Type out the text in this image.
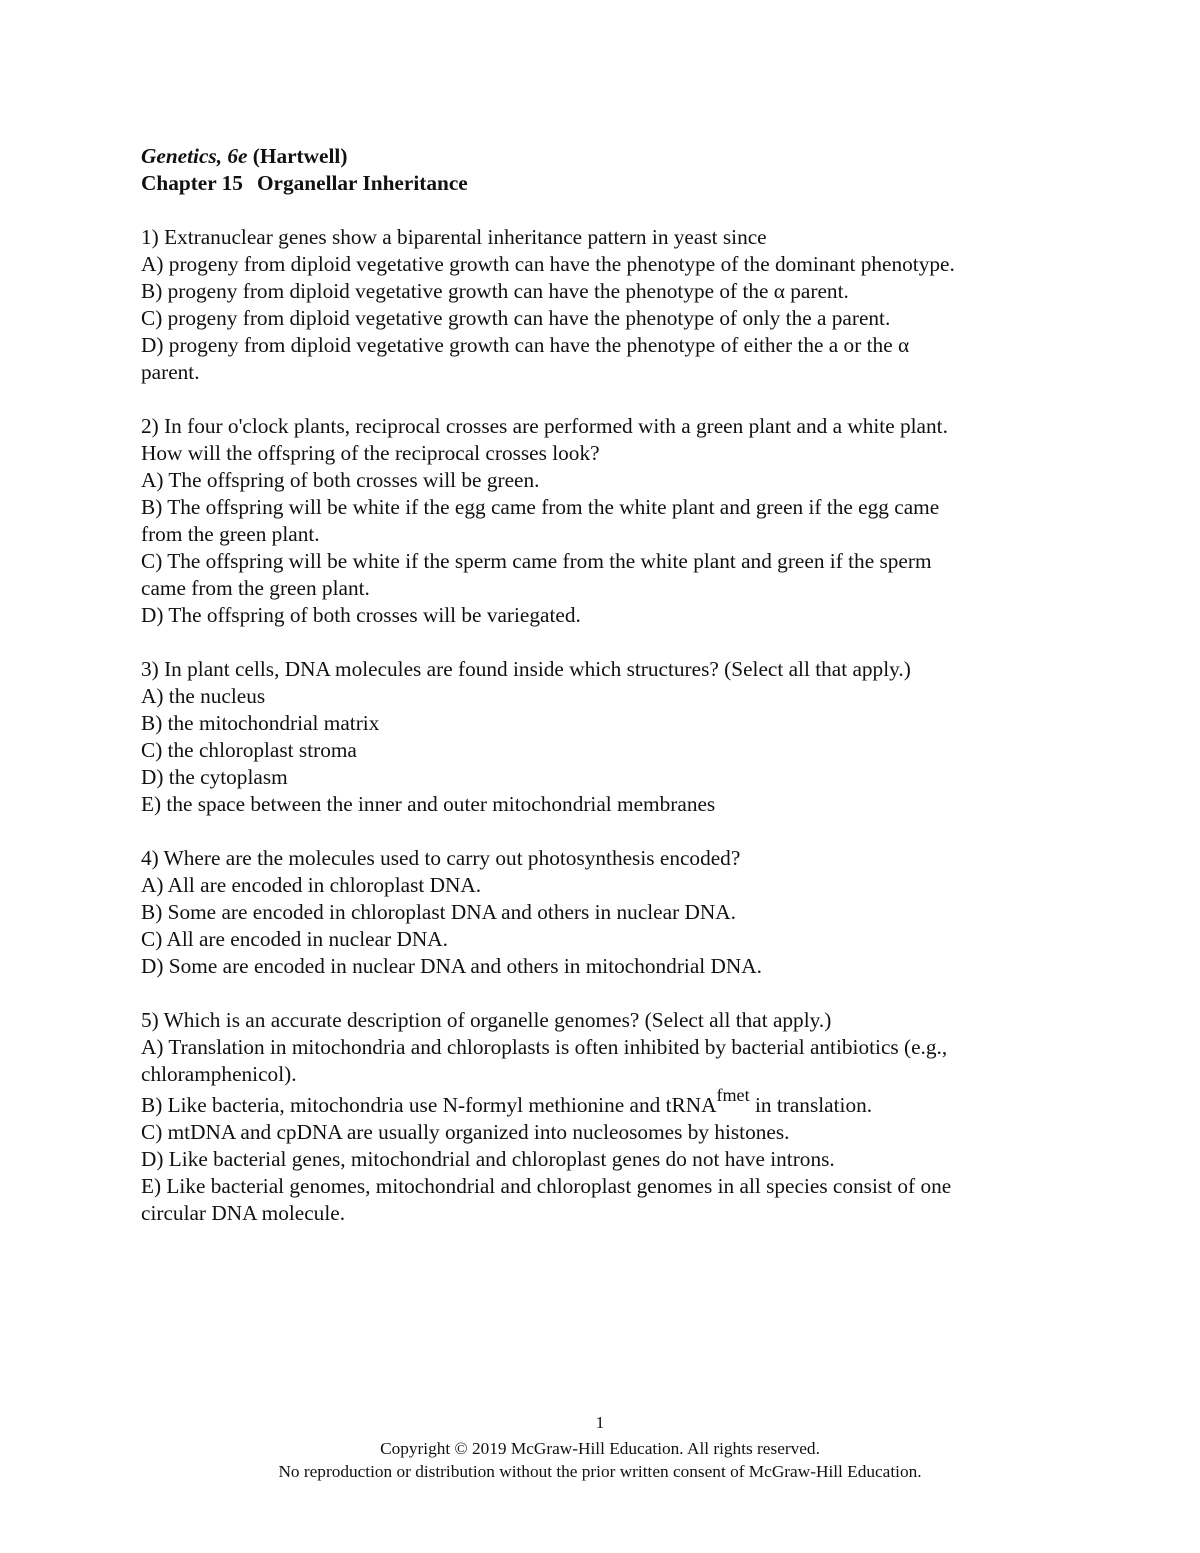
Genetics, 6e (Hartwell)
Chapter 15 Organellar Inheritance
1) Extranuclear genes show a biparental inheritance pattern in yeast since
A) progeny from diploid vegetative growth can have the phenotype of the dominant phenotype.
B) progeny from diploid vegetative growth can have the phenotype of the α parent.
C) progeny from diploid vegetative growth can have the phenotype of only the a parent.
D) progeny from diploid vegetative growth can have the phenotype of either the a or the α
parent.
2) In four o'clock plants, reciprocal crosses are performed with a green plant and a white plant.
How will the offspring of the reciprocal crosses look?
A) The offspring of both crosses will be green.
B) The offspring will be white if the egg came from the white plant and green if the egg came
from the green plant.
C) The offspring will be white if the sperm came from the white plant and green if the sperm
came from the green plant.
D) The offspring of both crosses will be variegated.
3) In plant cells, DNA molecules are found inside which structures? (Select all that apply.)
A) the nucleus
B) the mitochondrial matrix
C) the chloroplast stroma
D) the cytoplasm
E) the space between the inner and outer mitochondrial membranes
4) Where are the molecules used to carry out photosynthesis encoded?
A) All are encoded in chloroplast DNA.
B) Some are encoded in chloroplast DNA and others in nuclear DNA.
C) All are encoded in nuclear DNA.
D) Some are encoded in nuclear DNA and others in mitochondrial DNA.
5) Which is an accurate description of organelle genomes? (Select all that apply.)
A) Translation in mitochondria and chloroplasts is often inhibited by bacterial antibiotics (e.g.,
chloramphenicol).
B) Like bacteria, mitochondria use N-formyl methionine and tRNA$^{fmet}$ in translation.
C) mtDNA and cpDNA are usually organized into nucleosomes by histones.
D) Like bacterial genes, mitochondrial and chloroplast genes do not have introns.
E) Like bacterial genomes, mitochondrial and chloroplast genomes in all species consist of one
circular DNA molecule.
1
Copyright © 2019 McGraw-Hill Education. All rights reserved.
No reproduction or distribution without the prior written consent of McGraw-Hill Education.
